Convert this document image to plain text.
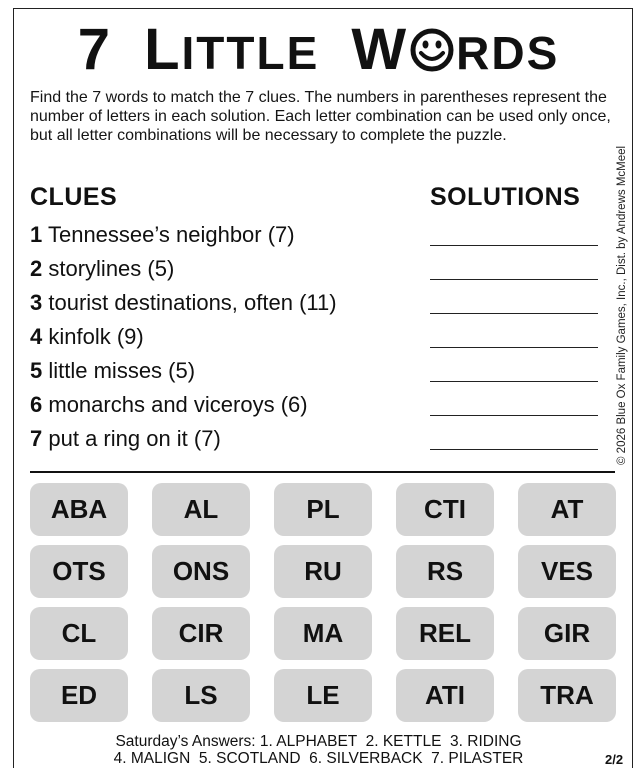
7 LITTLE W RDS
Find the 7 words to match the 7 clues. The numbers in parentheses represent the number of letters in each solution. Each letter combination can be used only once, but all letter combinations will be necessary to complete the puzzle.
© 2026 Blue Ox Family Games, Inc., Dist. by Andrews McMeel
CLUES	SOLUTIONS
1 Tennessee’s neighbor (7)
2 storylines (5)
3 tourist destinations, often (11)
4 kinfolk (9)
5 little misses (5)
6 monarchs and viceroys (6)
7 put a ring on it (7)
ABA	AL	PL	CTI	AT
OTS	ONS	RU	RS	VES
CL	CIR	MA	REL	GIR
ED	LS	LE	ATI	TRA
Saturday’s Answers: 1. ALPHABET  2. KETTLE  3. RIDING
4. MALIGN  5. SCOTLAND  6. SILVERBACK  7. PILASTER	2/2
